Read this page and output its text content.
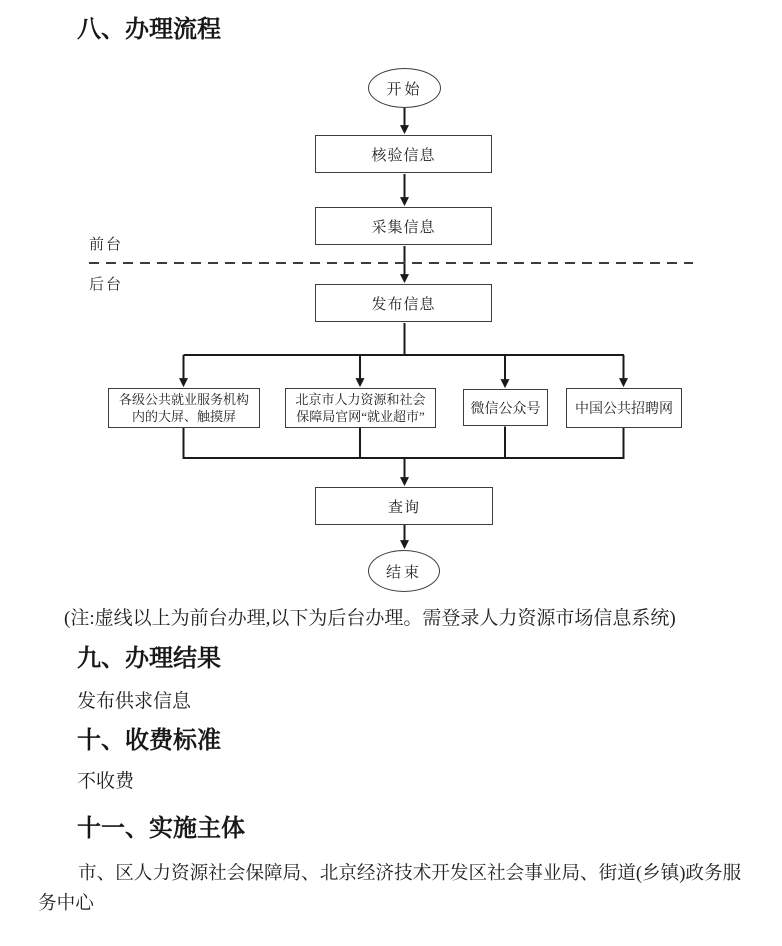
八、办理流程
前台
后台
开始
核验信息
采集信息
发布信息
各级公共就业服务机构
内的大屏、触摸屏
北京市人力资源和社会
保障局官网“就业超市”	微信公众号	中国公共招聘网
查询
结束
(注:虚线以上为前台办理,以下为后台办理。需登录人力资源市场信息系统)
九、办理结果
发布供求信息
十、收费标准
不收费
十一、实施主体
市、区人力资源社会保障局、北京经济技术开发区社会事业局、街道(乡镇)政务服务中心
